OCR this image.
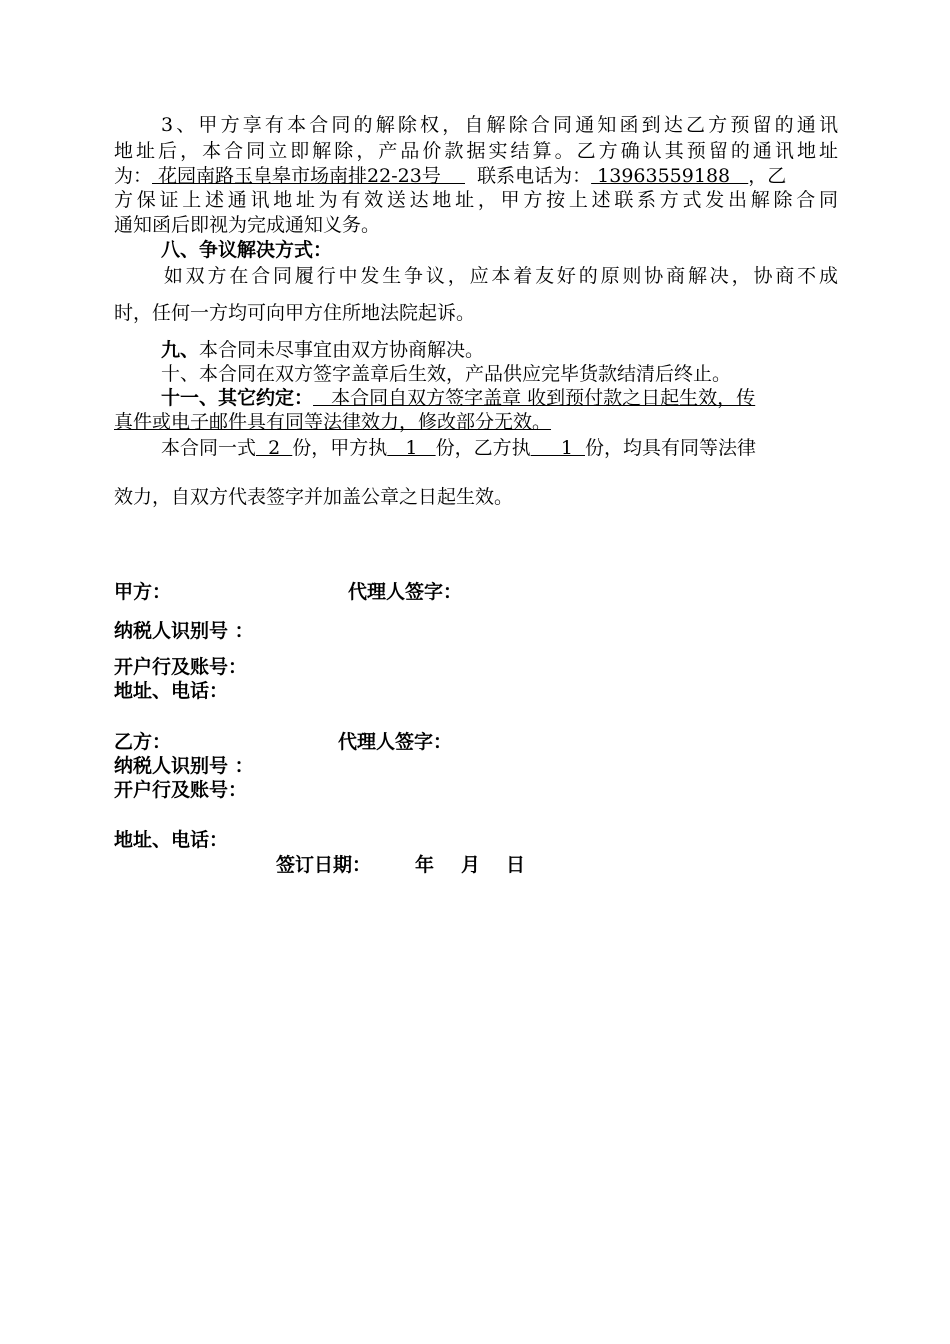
3、甲方享有本合同的解除权，自解除合同通知函到达乙方预留的通讯
地址后，本合同立即解除，产品价款据实结算。乙方确认其预留的通讯地址
为： 花园南路玉皇皋市场南排22-23号      联系电话为： 13963559188   ，乙
方保证上述通讯地址为有效送达地址，甲方按上述联系方式发出解除合同
通知函后即视为完成通知义务。
八、争议解决方式：
如双方在合同履行中发生争议，应本着友好的原则协商解决，协商不成
时，任何一方均可向甲方住所地法院起诉。
九、本合同未尽事宜由双方协商解决。
十、本合同在双方签字盖章后生效，产品供应完毕货款结清后终止。
十一、其它约定：   本合同自双方签字盖章 收到预付款之日起生效，传
真件或电子邮件具有同等法律效力，修改部分无效。
本合同一式  2  份，甲方执   1   份，乙方执     1  份，均具有同等法律
效力，自双方代表签字并加盖公章之日起生效。
甲方：	代理人签字：
纳税人识别号 ：
开户行及账号：
地址、电话：
乙方：	代理人签字：
纳税人识别号 ：
开户行及账号：
地址、电话：
签订日期： 年 月 日
